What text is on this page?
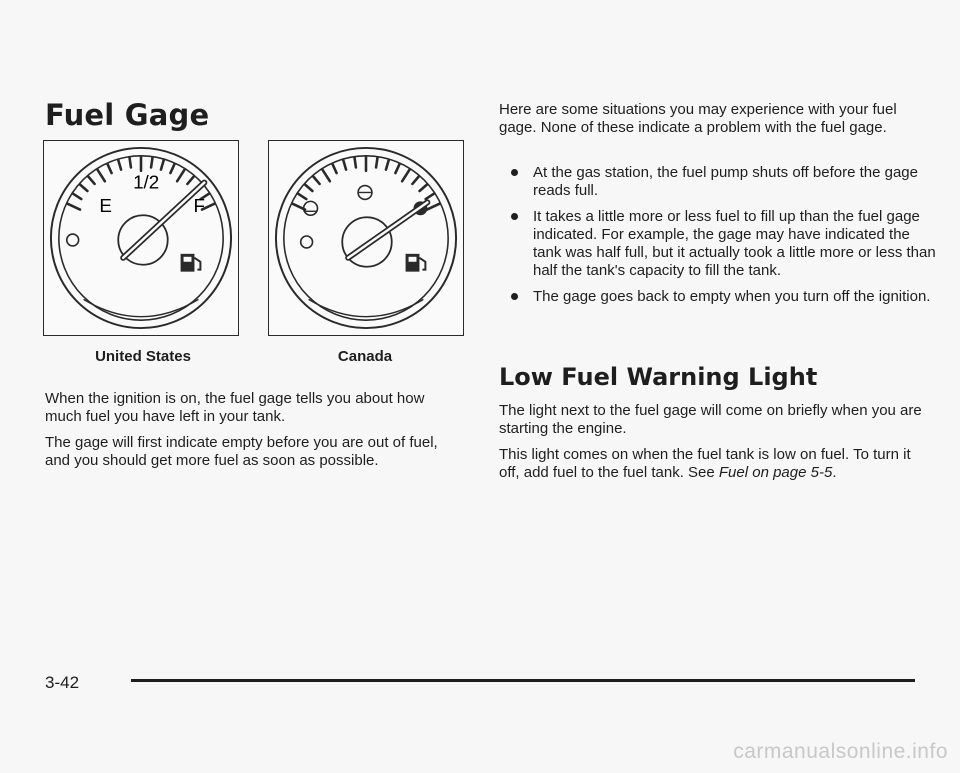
Fuel Gage
E
1/2
F
United States	Canada

When the ignition is on, the fuel gage tells you about how much fuel you have left in your tank.

The gage will first indicate empty before you are out of fuel, and you should get more fuel as soon as possible.

Here are some situations you may experience with your fuel gage. None of these indicate a problem with the fuel gage.

At the gas station, the fuel pump shuts off before the gage reads full.
It takes a little more or less fuel to fill up than the fuel gage indicated. For example, the gage may have indicated the tank was half full, but it actually took a little more or less than half the tank's capacity to fill the tank.
The gage goes back to empty when you turn off the ignition.
Low Fuel Warning Light

The light next to the fuel gage will come on briefly when you are starting the engine.

This light comes on when the fuel tank is low on fuel. To turn it off, add fuel to the fuel tank. See Fuel on page 5-5.

3-42
carmanualsonline.info
